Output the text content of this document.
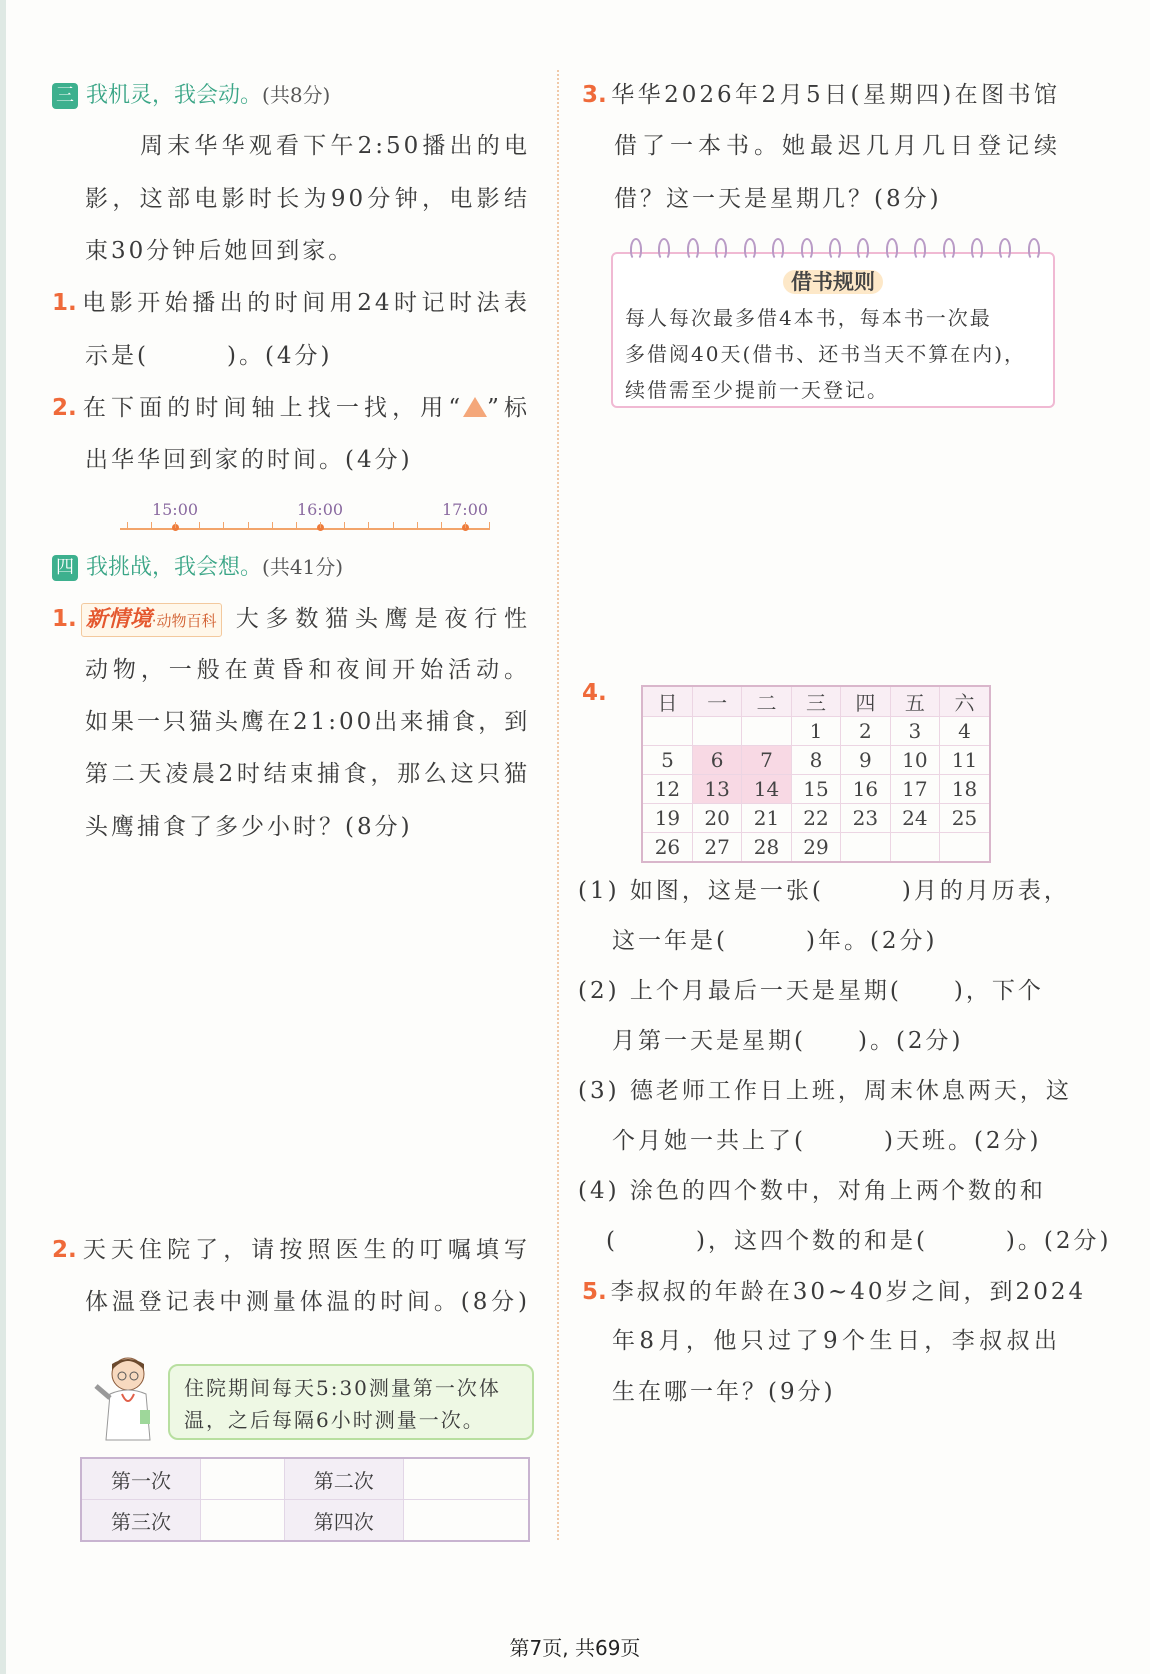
三 我机灵，我会动。(共8分)
周末华华观看下午2:50播出的电
影，这部电影时长为90分钟，电影结
束30分钟后她回到家。
1. 电影开始播出的时间用24时记时法表
示是(　　　)。(4分)
2. 在下面的时间轴上找一找，用“ ”标
出华华回到家的时间。(4分)
15:00	16:00	17:00
四 我挑战，我会想。(共41分)
1. 新情境·动物百科 大多数猫头鹰是夜行性
动物，一般在黄昏和夜间开始活动。
如果一只猫头鹰在21:00出来捕食，到
第二天凌晨2时结束捕食，那么这只猫
头鹰捕食了多少小时？(8分)
2. 天天住院了，请按照医生的叮嘱填写
体温登记表中测量体温的时间。(8分)
住院期间每天5:30测量第一次体
温，之后每隔6小时测量一次。
第一次		第二次	
第三次		第四次	
3. 华华2026年2月5日(星期四)在图书馆
借了一本书。她最迟几月几日登记续
借？这一天是星期几？(8分)
借书规则
每人每次最多借4本书，每本书一次最
多借阅40天(借书、还书当天不算在内)，
续借需至少提前一天登记。
4.	日	一	二	三	四	五	六
			1	2	3	4
5	6	7	8	9	10	11
12	13	14	15	16	17	18
19	20	21	22	23	24	25
26	27	28	29			
(1) 如图，这是一张(　　　)月的月历表，
这一年是(　　　)年。(2分)
(2) 上个月最后一天是星期(　　)，下个
月第一天是星期(　　)。(2分)
(3) 德老师工作日上班，周末休息两天，这
个月她一共上了(　　　)天班。(2分)
(4) 涂色的四个数中，对角上两个数的和
(　　　)，这四个数的和是(　　　)。(2分)
5. 李叔叔的年龄在30~40岁之间，到2024
年8月，他只过了9个生日，李叔叔出
生在哪一年？(9分)
第7页, 共69页
